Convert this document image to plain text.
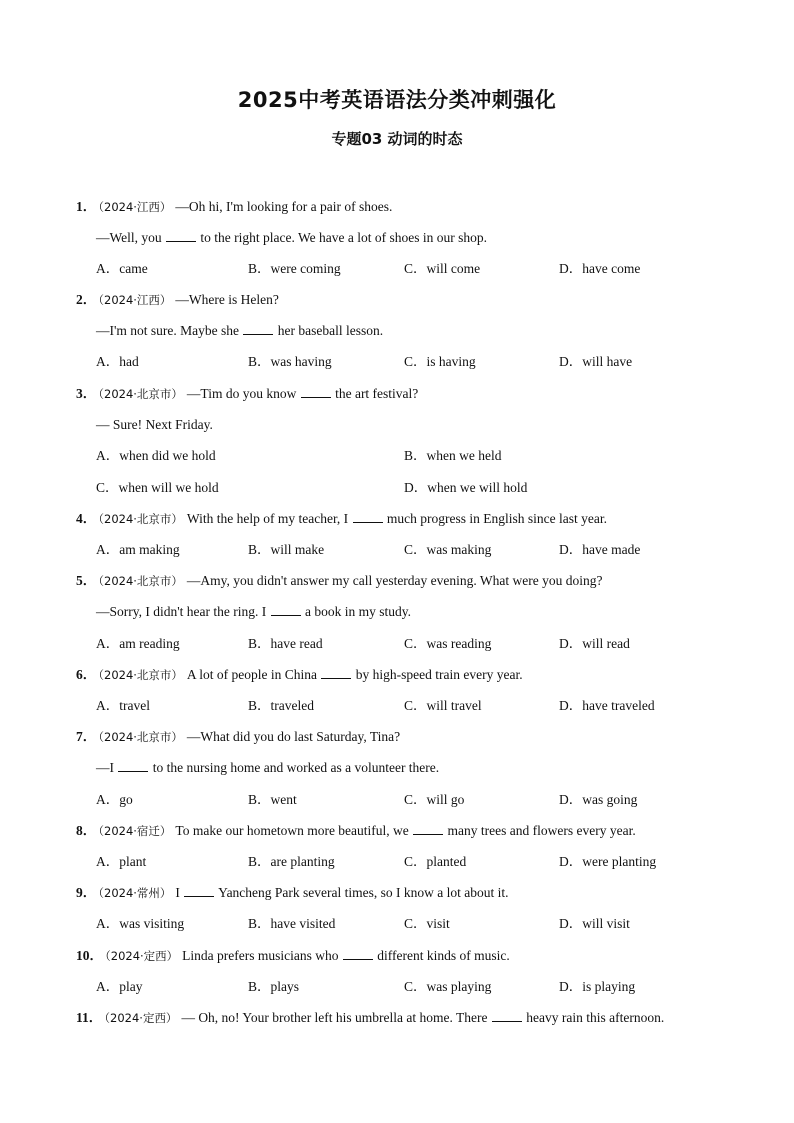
2025中考英语语法分类冲刺强化
专题03 动词的时态
1． （2024·江西） —Oh hi, I'm looking for a pair of shoes.
—Well, you	to the right place. We have a lot of shoes in our shop.
A．came	B．were coming	C．will come	D．have come
2． （2024·江西） —Where is Helen?
—I'm not sure. Maybe she	her baseball lesson.
A．had	B．was having	C．is having	D．will have
3． （2024·北京市） —Tim do you know	the art festival?
— Sure! Next Friday.
A．when did we hold	B．when we held
C．when will we hold	D．when we will hold
4． （2024·北京市） With the help of my teacher, I	much progress in English since last year.
A．am making	B．will make	C．was making	D．have made
5． （2024·北京市） —Amy, you didn't answer my call yesterday evening. What were you doing?
—Sorry, I didn't hear the ring. I	a book in my study.
A．am reading	B．have read	C．was reading	D．will read
6． （2024·北京市） A lot of people in China	by high-speed train every year.
A．travel	B．traveled	C．will travel	D．have traveled
7． （2024·北京市） —What did you do last Saturday, Tina?
—I	to the nursing home and worked as a volunteer there.
A．go	B．went	C．will go	D．was going
8． （2024·宿迁） To make our hometown more beautiful, we	many trees and flowers every year.
A．plant	B．are planting	C．planted	D．were planting
9． （2024·常州） I	Yancheng Park several times, so I know a lot about it.
A．was visiting	B．have visited	C．visit	D．will visit
10． （2024·定西） Linda prefers musicians who	different kinds of music.
A．play	B．plays	C．was playing	D．is playing
11． （2024·定西） — Oh, no! Your brother left his umbrella at home. There	heavy rain this afternoon.
